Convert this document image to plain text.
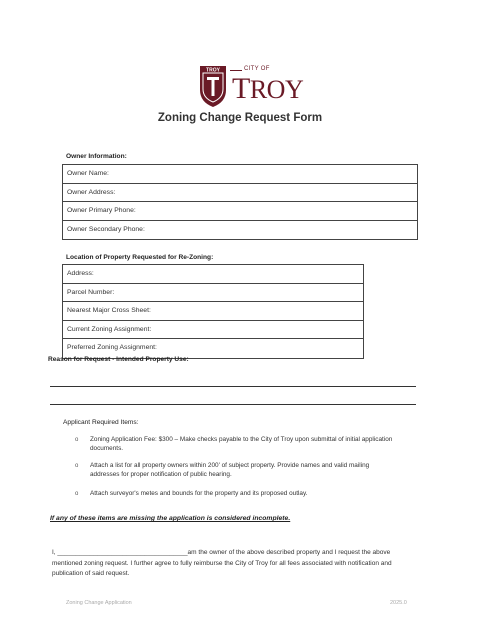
TROY	CITY OF
TROY
Zoning Change Request Form
Owner Information:
Owner Name:
Owner Address:
Owner Primary Phone:
Owner Secondary Phone:
Location of Property Requested for Re-Zoning:
Address:
Parcel Number:
Nearest Major Cross Sheet:
Current Zoning Assignment:
Preferred Zoning Assignment:
Reason for Request - Intended Property Use:
Applicant Required Items:
o Zoning Application Fee: $300 – Make checks payable to the City of Troy upon submittal of initial application documents.
o Attach a list for all property owners within 200' of subject property. Provide names and valid mailing addresses for proper notification of public hearing.
o Attach surveyor's metes and bounds for the property and its proposed outlay.
If any of these items are missing the application is considered incomplete.
I, ____________________________________am the owner of the above described property and I request the above mentioned zoning request. I further agree to fully reimburse the City of Troy for all fees associated with notification and publication of said request.
Zoning Change Application	2025.0
